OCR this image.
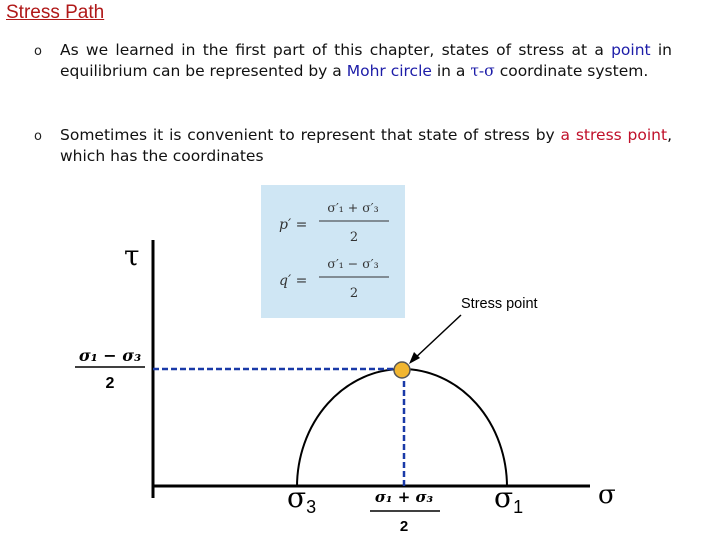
Stress Path
o As we learned in the first part of this chapter, states of stress at a point in equilibrium can be represented by a Mohr circle in a τ-σ coordinate system.
o Sometimes it is convenient to represent that state of stress by a stress point, which has the coordinates
p′ =
σ′₁ + σ′₃
2
q′ =
σ′₁ − σ′₃
2
Stress point
τ
σ
σ₁ − σ₃
2
σ₁ + σ₃
2
$\sigma_3$	$\sigma_1$
